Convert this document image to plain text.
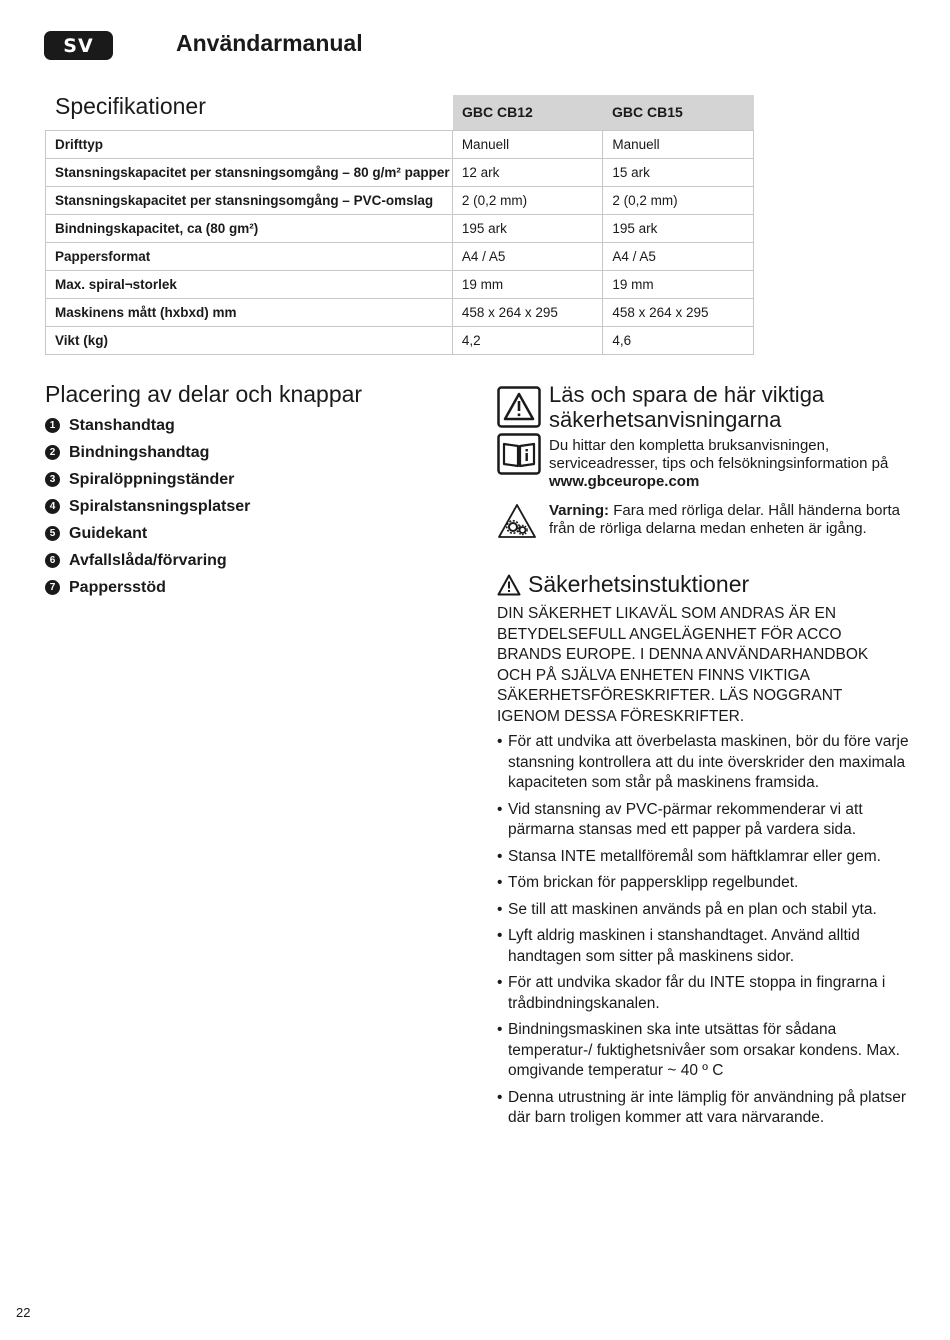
SV	Användarmanual
Specifikationer	GBC CB12	GBC CB15
Drifttyp	Manuell	Manuell
Stansningskapacitet per stansningsomgång – 80 g/m² papper	12 ark	15 ark
Stansningskapacitet per stansningsomgång – PVC-omslag	2 (0,2 mm)	2 (0,2 mm)
Bindningskapacitet, ca (80 gm²)	195 ark	195 ark
Pappersformat	A4 / A5	A4 / A5
Max. spiral¬storlek	19 mm	19 mm
Maskinens mått (hxbxd) mm	458 x 264 x 295	458 x 264 x 295
Vikt (kg)	4,2	4,6
Placering av delar och knappar
1 Stanshandtag
2 Bindningshandtag
3 Spiralöppningständer
4 Spiralstansningsplatser
5 Guidekant
6 Avfallslåda/förvaring
7 Pappersstöd
Läs och spara de här viktiga
säkerhetsanvisningarna
Du hittar den kompletta bruksanvisningen, serviceadresser, tips och felsökningsinformation på
www.gbceurope.com
Varning: Fara med rörliga delar. Håll händerna borta från de rörliga delarna medan enheten är igång.
Säkerhetsinstuktioner
DIN SÄKERHET LIKAVÄL SOM ANDRAS ÄR EN BETYDELSEFULL ANGELÄGENHET FÖR ACCO BRANDS EUROPE. I DENNA ANVÄNDARHANDBOK OCH PÅ SJÄLVA ENHETEN FINNS VIKTIGA SÄKERHETSFÖRESKRIFTER. LÄS NOGGRANT IGENOM DESSA FÖRESKRIFTER.
• För att undvika att överbelasta maskinen, bör du före varje stansning kontrollera att du inte överskrider den maximala kapaciteten som står på maskinens framsida.
• Vid stansning av PVC-pärmar rekommenderar vi att pärmarna stansas med ett papper på vardera sida.
• Stansa INTE metallföremål som häftklamrar eller gem.
• Töm brickan för pappersklipp regelbundet.
• Se till att maskinen används på en plan och stabil yta.
• Lyft aldrig maskinen i stanshandtaget. Använd alltid handtagen som sitter på maskinens sidor.
• För att undvika skador får du INTE stoppa in fingrarna i trådbindningskanalen.
• Bindningsmaskinen ska inte utsättas för sådana temperatur-/ fuktighetsnivåer som orsakar kondens. Max. omgivande temperatur ~ 40 º C
• Denna utrustning är inte lämplig för användning på platser där barn troligen kommer att vara närvarande.
22
